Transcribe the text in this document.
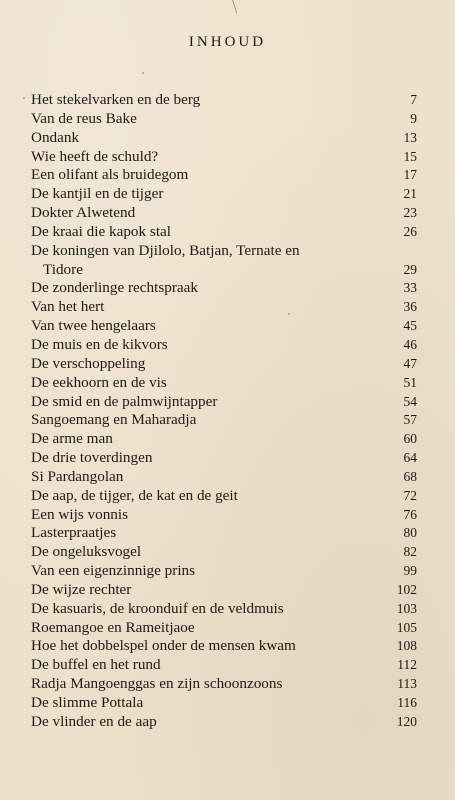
INHOUD
Het stekelvarken en de berg	7
Van de reus Bake	9
Ondank	13
Wie heeft de schuld?	15
Een olifant als bruidegom	17
De kantjil en de tijger	21
Dokter Alwetend	23
De kraai die kapok stal	26
De koningen van Djilolo, Batjan, Ternate en
Tidore	29
De zonderlinge rechtspraak	33
Van het hert	36
Van twee hengelaars	45
De muis en de kikvors	46
De verschoppeling	47
De eekhoorn en de vis	51
De smid en de palmwijntapper	54
Sangoemang en Maharadja	57
De arme man	60
De drie toverdingen	64
Si Pardangolan	68
De aap, de tijger, de kat en de geit	72
Een wijs vonnis	76
Lasterpraatjes	80
De ongeluksvogel	82
Van een eigenzinnige prins	99
De wijze rechter	102
De kasuaris, de kroonduif en de veldmuis	103
Roemangoe en Rameitjaoe	105
Hoe het dobbelspel onder de mensen kwam	108
De buffel en het rund	112
Radja Mangoenggas en zijn schoonzoons	113
De slimme Pottala	116
De vlinder en de aap	120
